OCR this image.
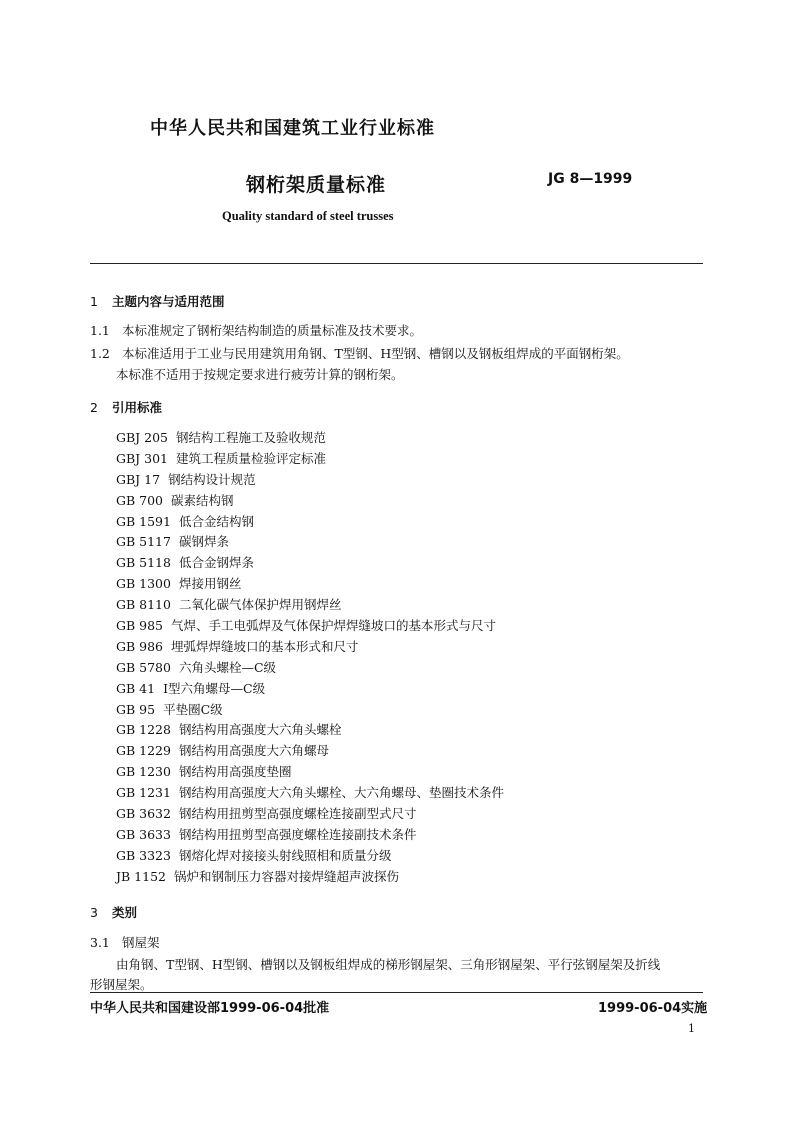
中华人民共和国建筑工业行业标准
钢桁架质量标准	JG 8—1999
Quality standard of steel trusses
1 主题内容与适用范围
1.1 本标准规定了钢桁架结构制造的质量标准及技术要求。
1.2 本标准适用于工业与民用建筑用角钢、T型钢、H型钢、槽钢以及钢板组焊成的平面钢桁架。
本标准不适用于按规定要求进行疲劳计算的钢桁架。
2 引用标准
GBJ 205 钢结构工程施工及验收规范
GBJ 301 建筑工程质量检验评定标准
GBJ 17 钢结构设计规范
GB 700 碳素结构钢
GB 1591 低合金结构钢
GB 5117 碳钢焊条
GB 5118 低合金钢焊条
GB 1300 焊接用钢丝
GB 8110 二氧化碳气体保护焊用钢焊丝
GB 985 气焊、手工电弧焊及气体保护焊焊缝坡口的基本形式与尺寸
GB 986 埋弧焊焊缝坡口的基本形式和尺寸
GB 5780 六角头螺栓—C级
GB 41 I型六角螺母—C级
GB 95 平垫圈C级
GB 1228 钢结构用高强度大六角头螺栓
GB 1229 钢结构用高强度大六角螺母
GB 1230 钢结构用高强度垫圈
GB 1231 钢结构用高强度大六角头螺栓、大六角螺母、垫圈技术条件
GB 3632 钢结构用扭剪型高强度螺栓连接副型式尺寸
GB 3633 钢结构用扭剪型高强度螺栓连接副技术条件
GB 3323 钢熔化焊对接接头射线照相和质量分级
JB 1152 锅炉和钢制压力容器对接焊缝超声波探伤
3 类别
3.1 钢屋架
由角钢、T型钢、H型钢、槽钢以及钢板组焊成的梯形钢屋架、三角形钢屋架、平行弦钢屋架及折线
形钢屋架。
中华人民共和国建设部1999-06-04批准	1999-06-04实施
1
